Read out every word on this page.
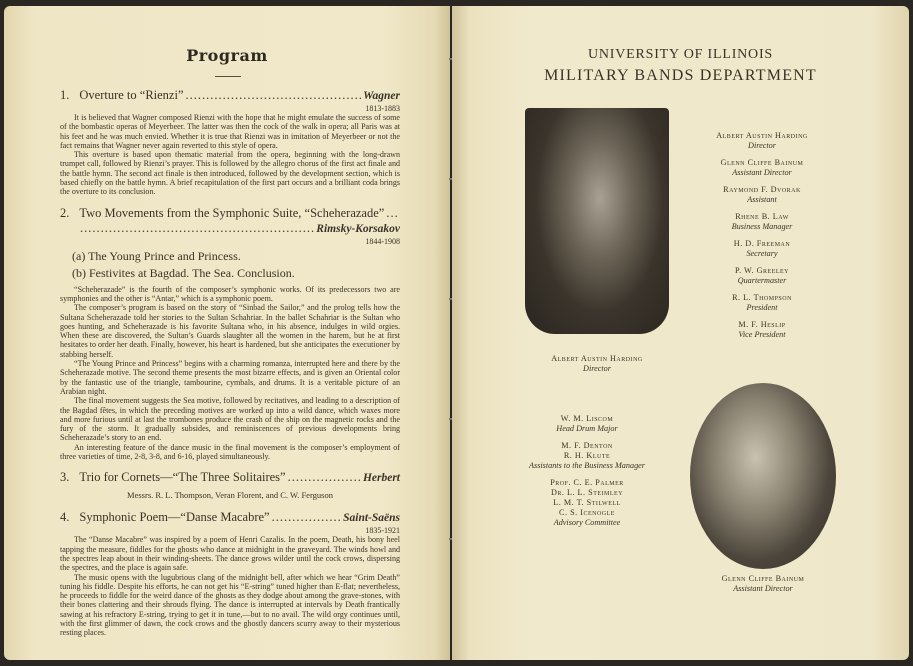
Program
1. Overture to “Rienzi” .....	Wagner
1813-1883

It is believed that Wagner composed Rienzi with the hope that he might emulate the success of some of the bombastic operas of Meyerbeer. The latter was then the cock of the walk in opera; all Paris was at his feet and he was much envied. Whether it is true that Rienzi was in imitation of Meyerbeer or not the fact remains that Wagner never again reverted to this style of opera.

This overture is based upon thematic material from the opera, beginning with the long-drawn trumpet call, followed by Rienzi’s prayer. This is followed by the allegro chorus of the first act finale and the battle hymn. The second act finale is then introduced, followed by the development section, which is based chiefly on the battle hymn. A brief recapitulation of the first part occurs and a brilliant coda brings the overture to its conclusion.

2. Two Movements from the Symphonic Suite, “Scheherazade”
.....
.....
Rimsky-Korsakov
1844-1908
(a) The Young Prince and Princess.
(b) Festivites at Bagdad. The Sea. Conclusion.

“Scheherazade” is the fourth of the composer’s symphonic works. Of its predecessors two are symphonies and the other is “Antar,” which is a symphonic poem.

The composer’s program is based on the story of “Sinbad the Sailor,” and the prolog tells how the Sultana Scheherazade told her stories to the Sultan Schahriar. In the ballet Schahriar is the Sultan who goes hunting, and Scheherazade is his favorite Sultana who, in his absence, indulges in wild orgies. When these are discovered, the Sultan’s Guards slaughter all the women in the harem, but he at first hesitates to order her death. Finally, however, his heart is hardened, but she anticipates the executioner by stabbing herself.

“The Young Prince and Princess” begins with a charming romanza, interrupted here and there by the Scheherazade motive. The second theme presents the most bizarre effects, and is given an Oriental color by the fantastic use of the triangle, tambourine, cymbals, and drums. It is a veritable picture of an Arabian night.

The final movement suggests the Sea motive, followed by recitatives, and leading to a description of the Bagdad fêtes, in which the preceding motives are worked up into a wild dance, which waxes more and more furious until at last the trombones produce the crash of the ship on the magnetic rocks and the fury of the storm. It gradually subsides, and reminiscences of previous developments bring Scheherazade’s story to an end.

An interesting feature of the dance music in the final movement is the composer’s employment of three varieties of time, 2-8, 3-8, and 6-16, played simultaneously.

3. Trio for Cornets—“The Three Solitaires” .....	Herbert
Messrs. R. L. Thompson, Veran Florent, and C. W. Ferguson
4. Symphonic Poem—“Danse Macabre” .....	Saint-Saëns
1835-1921

The “Danse Macabre” was inspired by a poem of Henri Cazalis. In the poem, Death, his bony heel tapping the measure, fiddles for the ghosts who dance at midnight in the graveyard. The winds howl and the spectres leap about in their winding-sheets. The dance grows wilder until the cock crows, dispersing the spectres, and the place is again safe.

The music opens with the lugubrious clang of the midnight bell, after which we hear “Grim Death” tuning his fiddle. Despite his efforts, he can not get his “E-string” tuned higher than E-flat; nevertheless, he proceeds to fiddle for the weird dance of the ghosts as they dodge about among the grave-stones, with their bones clattering and their shrouds flying. The dance is interrupted at intervals by Death frantically sawing at his refractory E-string, trying to get it in tune,—but to no avail. The wild orgy continues until, with the first glimmer of dawn, the cock crows and the ghostly dancers scurry away to their mysterious resting places.

UNIVERSITY OF ILLINOIS
MILITARY BANDS DEPARTMENT
Albert Austin Harding
Director
Glenn Cliffe Bainum
Assistant Director
Albert Austin Harding
Director
Glenn Cliffe Bainum
Assistant Director
Raymond F. Dvorak
Assistant
Rhene B. Law
Business Manager
H. D. Freeman
Secretary
P. W. Greeley
Quartermaster
R. L. Thompson
President
M. F. Heslip
Vice President
W. M. Liscom
Head Drum Major
M. F. Denton
R. H. Klute
Assistants to the Business Manager
Prof. C. E. Palmer
Dr. L. L. Steimley
L. M. T. Stilwell
C. S. Icenogle
Advisory Committee
